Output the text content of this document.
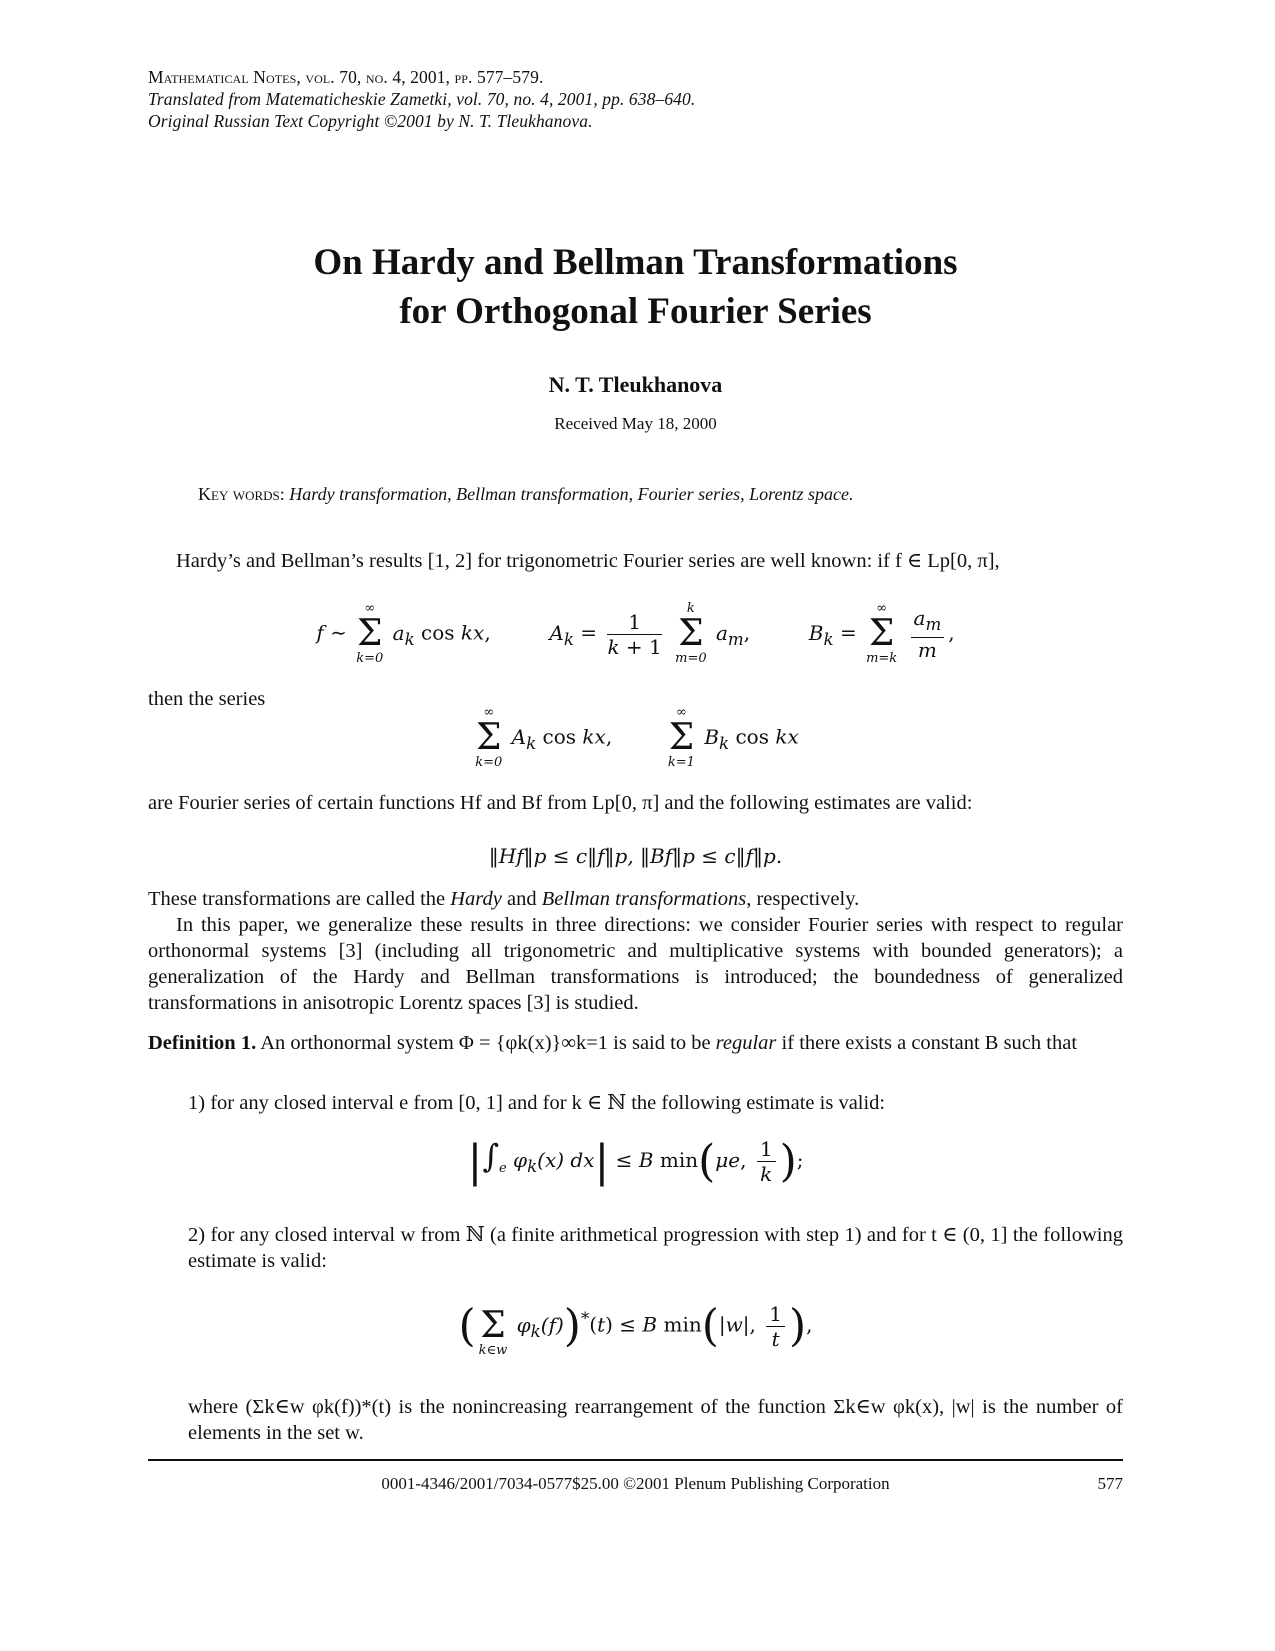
Mathematical Notes, vol. 70, no. 4, 2001, pp. 577–579.
Translated from Matematicheskie Zametki, vol. 70, no. 4, 2001, pp. 638–640.
Original Russian Text Copyright ©2001 by N. T. Tleukhanova.
On Hardy and Bellman Transformations
for Orthogonal Fourier Series
N. T. Tleukhanova
Received May 18, 2000
Key words: Hardy transformation, Bellman transformation, Fourier series, Lorentz space.
Hardy’s and Bellman’s results [1, 2] for trigonometric Fourier series are well known: if f ∈ Lp[0, π],
f ∼
∞
Σ
k=0
$a_k$ cos kx,	$A_k = \frac{1}{k + 1}$

k
Σ
m=0
$a_m$,	$B_k$ =
∞
Σ
m=k
$\frac{a_m}{m}$ ,
then the series
∞
Σ
k=0
$A_k$ cos kx,
∞
Σ
k=1
$B_k$ cos kx
are Fourier series of certain functions Hf and Bf from Lp[0, π] and the following estimates are valid:
‖Hf‖p ≤ c‖f‖p, ‖Bf‖p ≤ c‖f‖p.
These transformations are called the Hardy and Bellman transformations, respectively.
In this paper, we generalize these results in three directions: we consider Fourier series with respect to regular orthonormal systems [3] (including all trigonometric and multiplicative systems with bounded generators); a generalization of the Hardy and Bellman transformations is introduced; the boundedness of generalized transformations in anisotropic Lorentz spaces [3] is studied.
Definition 1. An orthonormal system Φ = {φk(x)}∞k=1 is said to be regular if there exists a constant B such that
1) for any closed interval e from [0, 1] and for k ∈ ℕ the following estimate is valid:
$|\int_e$ $\varphi_k(x) dx| \le B$ min(μe, $\frac{1}{k}$ );
2) for any closed interval w from ℕ (a finite arithmetical progression with step 1) and for t ∈ (0, 1] the following estimate is valid:
(
Σ
k∈w
$\varphi_k(f))^*(t) \le B$ min(|w|, $\frac{1}{t}$ ),
where (Σk∈w φk(f))*(t) is the nonincreasing rearrangement of the function Σk∈w φk(x), |w| is the number of elements in the set w.
0001-4346/2001/7034-0577$25.00 ©2001 Plenum Publishing Corporation	577
